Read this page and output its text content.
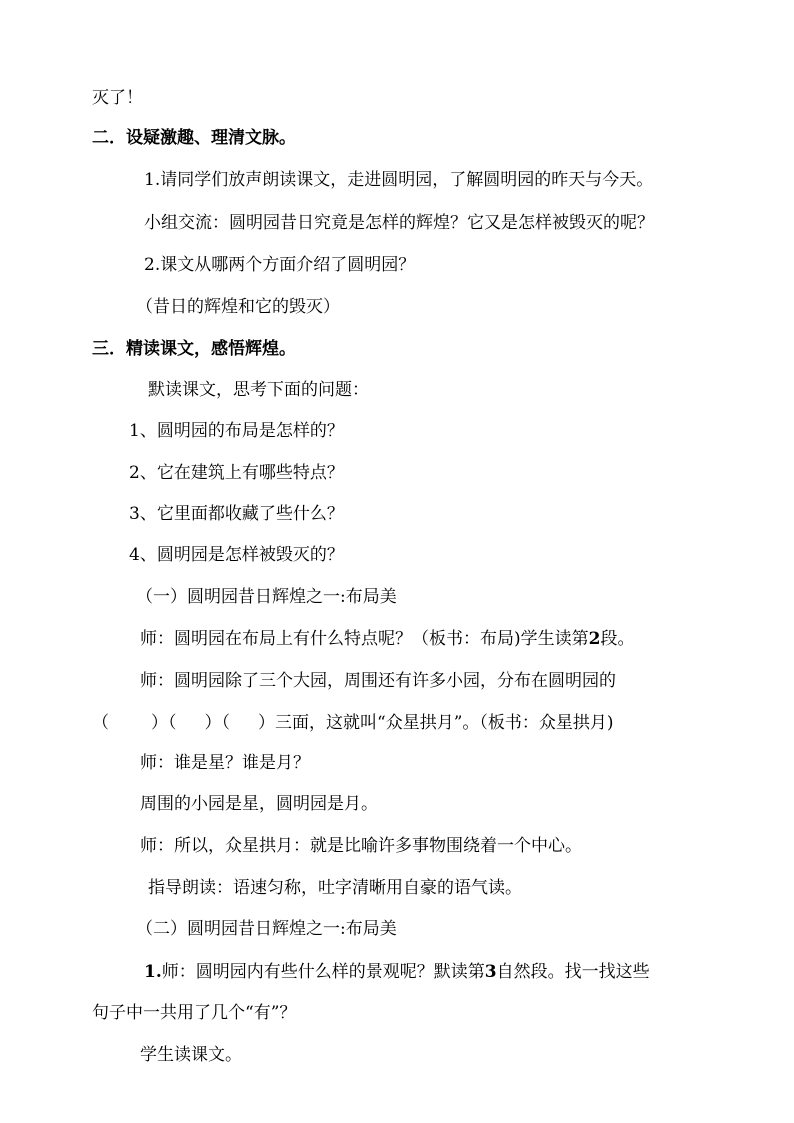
灭了！
二．设疑激趣、理清文脉。
1.请同学们放声朗读课文，走进圆明园，了解圆明园的昨天与今天。
小组交流：圆明园昔日究竟是怎样的辉煌？它又是怎样被毁灭的呢？
2.课文从哪两个方面介绍了圆明园？
（昔日的辉煌和它的毁灭）
三．精读课文，感悟辉煌。
默读课文，思考下面的问题：
1、圆明园的布局是怎样的？
2、它在建筑上有哪些特点？
3、它里面都收藏了些什么？
4、圆明园是怎样被毁灭的？
（一）圆明园昔日辉煌之一:布局美
师：圆明园在布局上有什么特点呢？（板书：布局)学生读第2段。
师：圆明园除了三个大园，周围还有许多小园，分布在圆明园的
（ ）（ ）（ ）三面，这就叫“众星拱月”。（板书：众星拱月)
师：谁是星？谁是月？
周围的小园是星，圆明园是月。
师：所以，众星拱月：就是比喻许多事物围绕着一个中心。
指导朗读：语速匀称，吐字清晰用自豪的语气读。
（二）圆明园昔日辉煌之一:布局美
1.师：圆明园内有些什么样的景观呢？默读第3自然段。找一找这些
句子中一共用了几个“有”？
学生读课文。
